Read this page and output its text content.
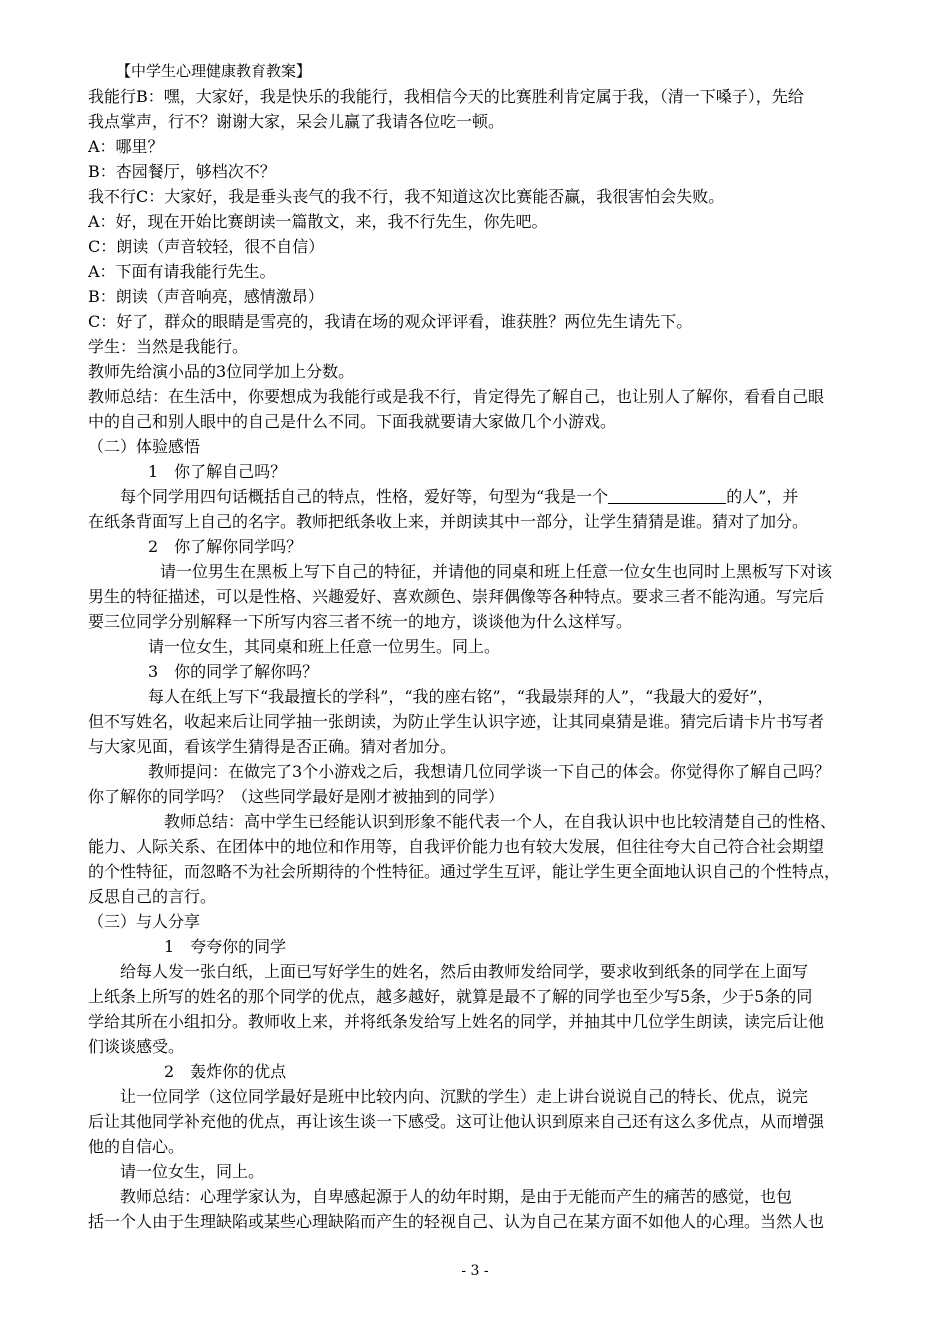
【中学生心理健康教育教案】
我能行B：嘿，大家好，我是快乐的我能行，我相信今天的比赛胜利肯定属于我，（清一下嗓子），先给
我点掌声，行不？谢谢大家，呆会儿赢了我请各位吃一顿。
A：哪里？
B：杏园餐厅，够档次不？
我不行C：大家好，我是垂头丧气的我不行，我不知道这次比赛能否赢，我很害怕会失败。
A：好，现在开始比赛朗读一篇散文，来，我不行先生，你先吧。
C：朗读（声音较轻，很不自信）
A：下面有请我能行先生。
B：朗读（声音响亮，感情激昂）
C：好了，群众的眼睛是雪亮的，我请在场的观众评评看，谁获胜？两位先生请先下。
学生：当然是我能行。
教师先给演小品的3位同学加上分数。
教师总结：在生活中，你要想成为我能行或是我不行，肯定得先了解自己，也让别人了解你，看看自己眼
中的自己和别人眼中的自己是什么不同。下面我就要请大家做几个小游戏。
（二）体验感悟
1　你了解自己吗？
每个同学用四句话概括自己的特点，性格，爱好等，句型为“我是一个	的人”，并
在纸条背面写上自己的名字。教师把纸条收上来，并朗读其中一部分，让学生猜猜是谁。猜对了加分。
2　你了解你同学吗？
请一位男生在黑板上写下自己的特征，并请他的同桌和班上任意一位女生也同时上黑板写下对该
男生的特征描述，可以是性格、兴趣爱好、喜欢颜色、崇拜偶像等各种特点。要求三者不能沟通。写完后
要三位同学分别解释一下所写内容三者不统一的地方，谈谈他为什么这样写。
请一位女生，其同桌和班上任意一位男生。同上。
3　你的同学了解你吗？
每人在纸上写下“我最擅长的学科”，“我的座右铭”，“我最崇拜的人”，“我最大的爱好”，
但不写姓名，收起来后让同学抽一张朗读，为防止学生认识字迹，让其同桌猜是谁。猜完后请卡片书写者
与大家见面，看该学生猜得是否正确。猜对者加分。
教师提问：在做完了3个小游戏之后，我想请几位同学谈一下自己的体会。你觉得你了解自己吗？
你了解你的同学吗？（这些同学最好是刚才被抽到的同学）
教师总结：高中学生已经能认识到形象不能代表一个人，在自我认识中也比较清楚自己的性格、
能力、人际关系、在团体中的地位和作用等，自我评价能力也有较大发展，但往往夸大自己符合社会期望
的个性特征，而忽略不为社会所期待的个性特征。通过学生互评，能让学生更全面地认识自己的个性特点，
反思自己的言行。
（三）与人分享
1　夸夸你的同学
给每人发一张白纸，上面已写好学生的姓名，然后由教师发给同学，要求收到纸条的同学在上面写
上纸条上所写的姓名的那个同学的优点，越多越好，就算是最不了解的同学也至少写5条，少于5条的同
学给其所在小组扣分。教师收上来，并将纸条发给写上姓名的同学，并抽其中几位学生朗读，读完后让他
们谈谈感受。
2　轰炸你的优点
让一位同学（这位同学最好是班中比较内向、沉默的学生）走上讲台说说自己的特长、优点，说完
后让其他同学补充他的优点，再让该生谈一下感受。这可让他认识到原来自己还有这么多优点，从而增强
他的自信心。
请一位女生，同上。
教师总结：心理学家认为，自卑感起源于人的幼年时期，是由于无能而产生的痛苦的感觉，也包
括一个人由于生理缺陷或某些心理缺陷而产生的轻视自己、认为自己在某方面不如他人的心理。当然人也
- 3 -
